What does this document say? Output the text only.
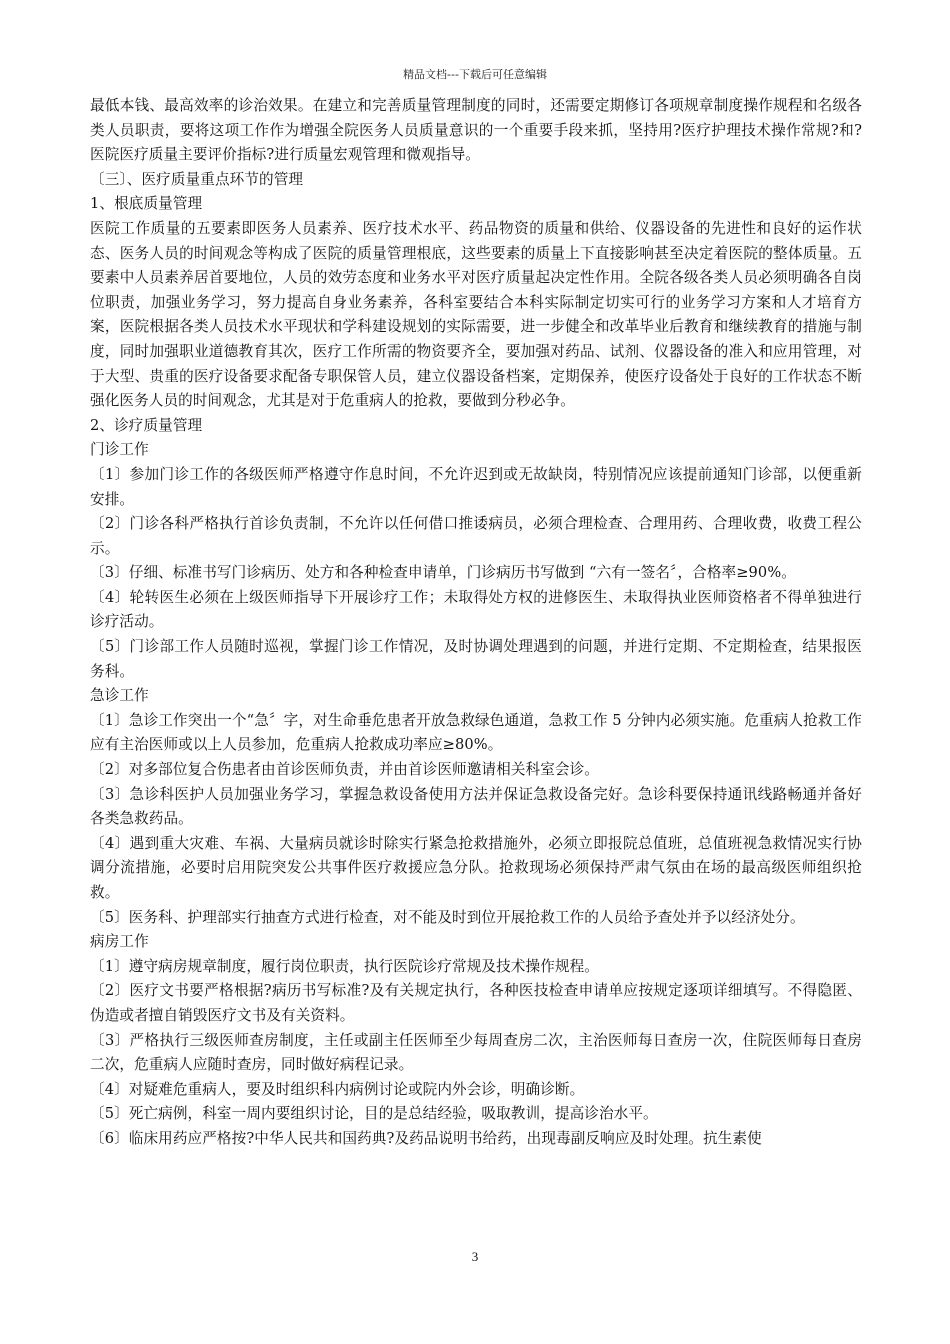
精品文档---下载后可任意编辑

最低本钱、最高效率的诊治效果。在建立和完善质量管理制度的同时，还需要定期修订各项规章制度操作规程和名级各类人员职责，要将这项工作作为增强全院医务人员质量意识的一个重要手段来抓，坚持用?医疗护理技术操作常规?和?医院医疗质量主要评价指标?进行质量宏观管理和微观指导。

〔三〕、医疗质量重点环节的管理

1、根底质量管理

医院工作质量的五要素即医务人员素养、医疗技术水平、药品物资的质量和供给、仪器设备的先进性和良好的运作状态、医务人员的时间观念等构成了医院的质量管理根底，这些要素的质量上下直接影响甚至决定着医院的整体质量。五要素中人员素养居首要地位，人员的效劳态度和业务水平对医疗质量起决定性作用。全院各级各类人员必须明确各自岗位职责，加强业务学习，努力提高自身业务素养，各科室要结合本科实际制定切实可行的业务学习方案和人才培育方案，医院根据各类人员技术水平现状和学科建设规划的实际需要，进一步健全和改革毕业后教育和继续教育的措施与制度，同时加强职业道德教育其次，医疗工作所需的物资要齐全，要加强对药品、试剂、仪器设备的准入和应用管理，对于大型、贵重的医疗设备要求配备专职保管人员，建立仪器设备档案，定期保养，使医疗设备处于良好的工作状态不断强化医务人员的时间观念，尤其是对于危重病人的抢救，要做到分秒必争。

2、诊疗质量管理

门诊工作

〔1〕参加门诊工作的各级医师严格遵守作息时间，不允许迟到或无故缺岗，特别情况应该提前通知门诊部，以便重新安排。

〔2〕门诊各科严格执行首诊负责制，不允许以任何借口推诿病员，必须合理检查、合理用药、合理收费，收费工程公示。

〔3〕仔细、标准书写门诊病历、处方和各种检查申请单，门诊病历书写做到 “六有一签名〞，合格率≥90%。

〔4〕轮转医生必须在上级医师指导下开展诊疗工作；未取得处方权的进修医生、未取得执业医师资格者不得单独进行诊疗活动。

〔5〕门诊部工作人员随时巡视，掌握门诊工作情况，及时协调处理遇到的问题，并进行定期、不定期检查，结果报医务科。

急诊工作

〔1〕急诊工作突出一个“急〞字，对生命垂危患者开放急救绿色通道，急救工作 5 分钟内必须实施。危重病人抢救工作应有主治医师或以上人员参加，危重病人抢救成功率应≥80%。

〔2〕对多部位复合伤患者由首诊医师负责，并由首诊医师邀请相关科室会诊。

〔3〕急诊科医护人员加强业务学习，掌握急救设备使用方法并保证急救设备完好。急诊科要保持通讯线路畅通并备好各类急救药品。

〔4〕遇到重大灾难、车祸、大量病员就诊时除实行紧急抢救措施外，必须立即报院总值班，总值班视急救情况实行协调分流措施，必要时启用院突发公共事件医疗救援应急分队。抢救现场必须保持严肃气氛由在场的最高级医师组织抢救。

〔5〕医务科、护理部实行抽查方式进行检查，对不能及时到位开展抢救工作的人员给予查处并予以经济处分。

病房工作

〔1〕遵守病房规章制度，履行岗位职责，执行医院诊疗常规及技术操作规程。

〔2〕医疗文书要严格根据?病历书写标准?及有关规定执行，各种医技检查申请单应按规定逐项详细填写。不得隐匿、伪造或者擅自销毁医疗文书及有关资料。

〔3〕严格执行三级医师查房制度，主任或副主任医师至少每周查房二次，主治医师每日查房一次，住院医师每日查房二次，危重病人应随时查房，同时做好病程记录。

〔4〕对疑难危重病人，要及时组织科内病例讨论或院内外会诊，明确诊断。

〔5〕死亡病例，科室一周内要组织讨论，目的是总结经验，吸取教训，提高诊治水平。

〔6〕临床用药应严格按?中华人民共和国药典?及药品说明书给药，出现毒副反响应及时处理。抗生素使

3
